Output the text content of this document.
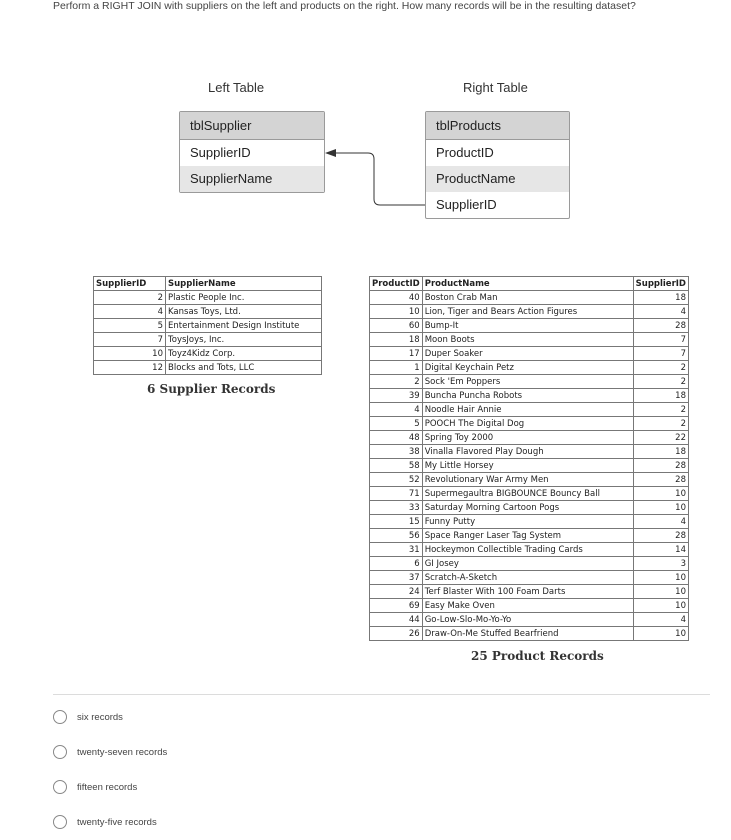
Perform a RIGHT JOIN with suppliers on the left and products on the right. How many records will be in the resulting dataset?
Left Table	Right Table
tblSupplier
SupplierID
SupplierName
tblProducts
ProductID
ProductName
SupplierID
SupplierID	SupplierName
2	Plastic People Inc.
4	Kansas Toys, Ltd.
5	Entertainment Design Institute
7	ToysJoys, Inc.
10	Toyz4Kidz Corp.
12	Blocks and Tots, LLC
6 Supplier Records
ProductID	ProductName	SupplierID
40	Boston Crab Man	18
10	Lion, Tiger and Bears Action Figures	4
60	Bump-It	28
18	Moon Boots	7
17	Duper Soaker	7
1	Digital Keychain Petz	2
2	Sock 'Em Poppers	2
39	Buncha Puncha Robots	18
4	Noodle Hair Annie	2
5	POOCH The Digital Dog	2
48	Spring Toy 2000	22
38	Vinalla Flavored Play Dough	18
58	My Little Horsey	28
52	Revolutionary War Army Men	28
71	Supermegaultra BIGBOUNCE Bouncy Ball	10
33	Saturday Morning Cartoon Pogs	10
15	Funny Putty	4
56	Space Ranger Laser Tag System	28
31	Hockeymon Collectible Trading Cards	14
6	GI Josey	3
37	Scratch-A-Sketch	10
24	Terf Blaster With 100 Foam Darts	10
69	Easy Make Oven	10
44	Go-Low-Slo-Mo-Yo-Yo	4
26	Draw-On-Me Stuffed Bearfriend	10
25 Product Records
six records
twenty-seven records
fifteen records
twenty-five records
